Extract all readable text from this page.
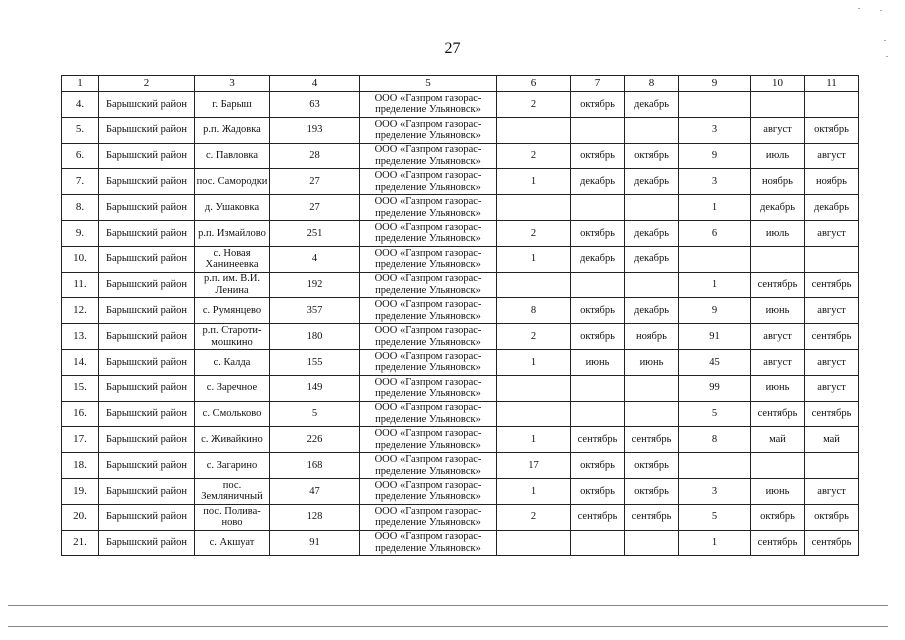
27
1	2	3	4	5	6	7	8	9	10	11
4.	Барышский район	г. Барыш	63	ООО «Газпром газорас-пределение Ульяновск»	2	октябрь	декабрь			
5.	Барышский район	р.п. Жадовка	193	ООО «Газпром газорас-пределение Ульяновск»				3	август	октябрь
6.	Барышский район	с. Павловка	28	ООО «Газпром газорас-пределение Ульяновск»	2	октябрь	октябрь	9	июль	август
7.	Барышский район	пос. Самородки	27	ООО «Газпром газорас-пределение Ульяновск»	1	декабрь	декабрь	3	ноябрь	ноябрь
8.	Барышский район	д. Ушаковка	27	ООО «Газпром газорас-пределение Ульяновск»				1	декабрь	декабрь
9.	Барышский район	р.п. Измайлово	251	ООО «Газпром газорас-пределение Ульяновск»	2	октябрь	декабрь	6	июль	август
10.	Барышский район	с. Новая Ханинеевка	4	ООО «Газпром газорас-пределение Ульяновск»	1	декабрь	декабрь			
11.	Барышский район	р.п. им. В.И. Ленина	192	ООО «Газпром газорас-пределение Ульяновск»				1	сентябрь	сентябрь
12.	Барышский район	с. Румянцево	357	ООО «Газпром газорас-пределение Ульяновск»	8	октябрь	декабрь	9	июнь	август
13.	Барышский район	р.п. Староти-мошкино	180	ООО «Газпром газорас-пределение Ульяновск»	2	октябрь	ноябрь	91	август	сентябрь
14.	Барышский район	с. Калда	155	ООО «Газпром газорас-пределение Ульяновск»	1	июнь	июнь	45	август	август
15.	Барышский район	с. Заречное	149	ООО «Газпром газорас-пределение Ульяновск»				99	июнь	август
16.	Барышский район	с. Смольково	5	ООО «Газпром газорас-пределение Ульяновск»				5	сентябрь	сентябрь
17.	Барышский район	с. Живайкино	226	ООО «Газпром газорас-пределение Ульяновск»	1	сентябрь	сентябрь	8	май	май
18.	Барышский район	с. Загарино	168	ООО «Газпром газорас-пределение Ульяновск»	17	октябрь	октябрь			
19.	Барышский район	пос. Земляничный	47	ООО «Газпром газорас-пределение Ульяновск»	1	октябрь	октябрь	3	июнь	август
20.	Барышский район	пос. Полива-ново	128	ООО «Газпром газорас-пределение Ульяновск»	2	сентябрь	сентябрь	5	октябрь	октябрь
21.	Барышский район	с. Акшуат	91	ООО «Газпром газорас-пределение Ульяновск»				1	сентябрь	сентябрь
